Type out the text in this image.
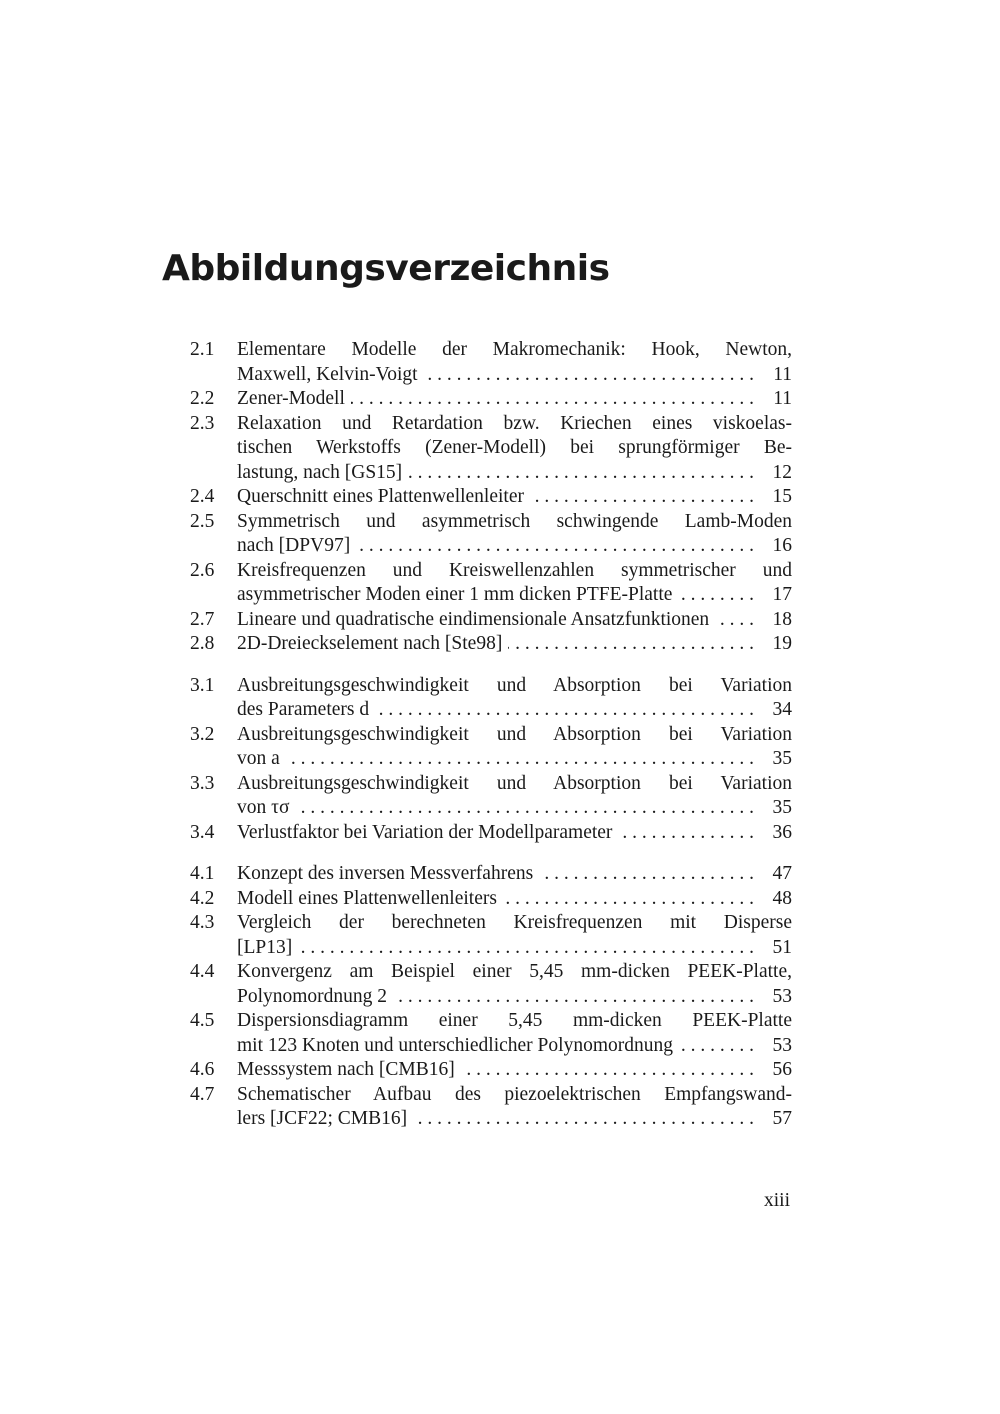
Abbildungsverzeichnis
2.1	Elementare Modelle der Makromechanik: Hook, Newton,
Maxwell, Kelvin-Voigt . . .	11
2.2	Zener-Modell . . .	11
2.3	Relaxation und Retardation bzw. Kriechen eines viskoelas-
tischen Werkstoffs (Zener-Modell) bei sprungförmiger Be-
lastung, nach [GS15] . . .	12
2.4	Querschnitt eines Plattenwellenleiter . . .	15
2.5	Symmetrisch und asymmetrisch schwingende Lamb-Moden
nach [DPV97] . . .	16
2.6	Kreisfrequenzen und Kreiswellenzahlen symmetrischer und
asymmetrischer Moden einer 1 mm dicken PTFE-Platte . . .	17
2.7	Lineare und quadratische eindimensionale Ansatzfunktionen . . .	18
2.8	2D-Dreieckselement nach [Ste98] . . .	19
3.1	Ausbreitungsgeschwindigkeit und Absorption bei Variation
des Parameters d . . .	34
3.2	Ausbreitungsgeschwindigkeit und Absorption bei Variation
von a . . .	35
3.3	Ausbreitungsgeschwindigkeit und Absorption bei Variation
von τσ . . .	35
3.4	Verlustfaktor bei Variation der Modellparameter . . .	36
4.1	Konzept des inversen Messverfahrens . . .	47
4.2	Modell eines Plattenwellenleiters . . .	48
4.3	Vergleich der berechneten Kreisfrequenzen mit Disperse
[LP13] . . .	51
4.4	Konvergenz am Beispiel einer 5,45 mm-dicken PEEK-Platte,
Polynomordnung 2 . . .	53
4.5	Dispersionsdiagramm einer 5,45 mm-dicken PEEK-Platte
mit 123 Knoten und unterschiedlicher Polynomordnung . . .	53
4.6	Messsystem nach [CMB16] . . .	56
4.7	Schematischer Aufbau des piezoelektrischen Empfangswand-
lers [JCF22; CMB16] . . .	57

xiii
